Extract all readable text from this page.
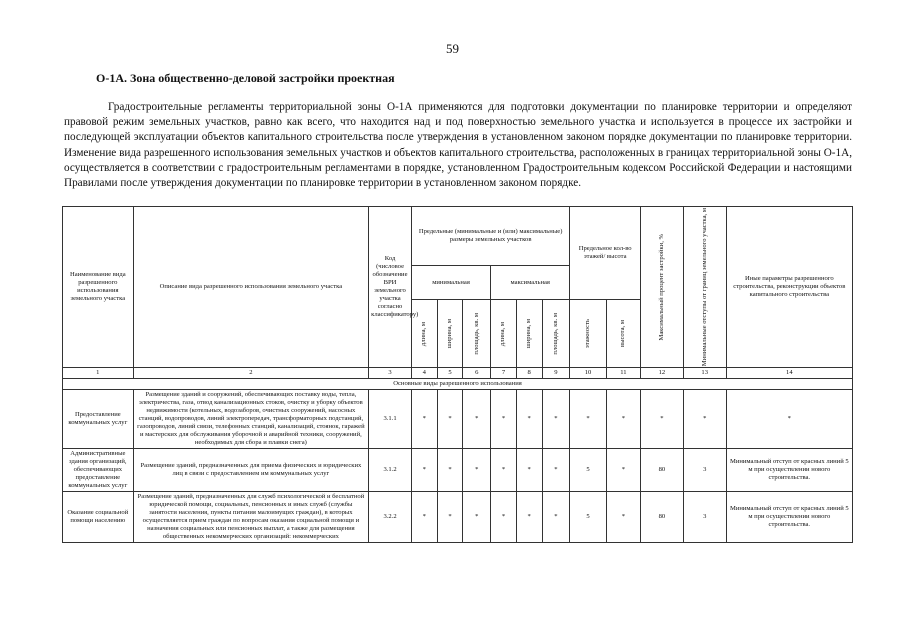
59
О-1А. Зона общественно-деловой застройки проектная

Градостроительные регламенты территориальной зоны О-1А применяются для подготовки документации по планировке территории и определяют правовой режим земельных участков, равно как всего, что находится над и под поверхностью земельного участка и используется в процессе их застройки и последующей эксплуатации объектов капитального строительства после утверждения в установленном законом порядке документации по планировке территории. Изменение вида разрешенного использования земельных участков и объектов капитального строительства, расположенных в границах территориальной зоны О-1А, осуществляется в соответствии с градостроительным регламентами в порядке, установленном Градостроительным кодексом Российской Федерации и настоящими Правилами после утверждения документации по планировке территории в установленном законом порядке.

Наименование вида разрешенного использования земельного участка	Описание вида разрешенного использования земельного участка	Код (числовое обозначение ВРИ земельного участка согласно классификатору)	Предельные (минимальные и (или) максимальные) размеры земельных участков						Предельное кол-во этажей/ высота		Максимальный процент застройки, %	Минимальные отступы от границ земельного участка, м	Иные параметры разрешенного строительства, реконструкции объектов капитального строительства
			минимальная			максимальная							

			длина, м	ширина, м	площадь, кв. м	длина, м	ширина, м	площадь, кв. м	этажность	высота, м			

1	2	3	4	5	6	7	8	9	10	11	12	13	14
Основные виды разрешенного использования													
Предоставление коммунальных услуг	Размещение зданий и сооружений, обеспечивающих поставку воды, тепла, электричества, газа, отвод канализационных стоков, очистку и уборку объектов недвижимости (котельных, водозаборов, очистных сооружений, насосных станций, водопроводов, линий электропередач, трансформаторных подстанций, газопроводов, линий связи, телефонных станций, канализаций, стоянок, гаражей и мастерских для обслуживания уборочной и аварийной техники, сооружений, необходимых для сбора и плавки снега)	3.1.1	*	*	*	*	*	*	*	*	*	*	*
Административные здания организаций, обеспечивающих предоставление коммунальных услуг	Размещение зданий, предназначенных для приема физических и юридических лиц в связи с предоставлением им коммунальных услуг	3.1.2	*	*	*	*	*	*	5	*	80	3	Минимальный отступ от красных линий 5 м при осуществлении нового строительства.
Оказание социальной помощи населению	Размещение зданий, предназначенных для служб психологической и бесплатной юридической помощи, социальных, пенсионных и иных служб (службы занятости населения, пункты питания малоимущих граждан), в которых осуществляется прием граждан по вопросам оказания социальной помощи и назначения социальных или пенсионных выплат, а также для размещения общественных некоммерческих организаций: некоммерческих	3.2.2	*	*	*	*	*	*	5	*	80	3	Минимальный отступ от красных линий 5 м при осуществлении нового строительства.
